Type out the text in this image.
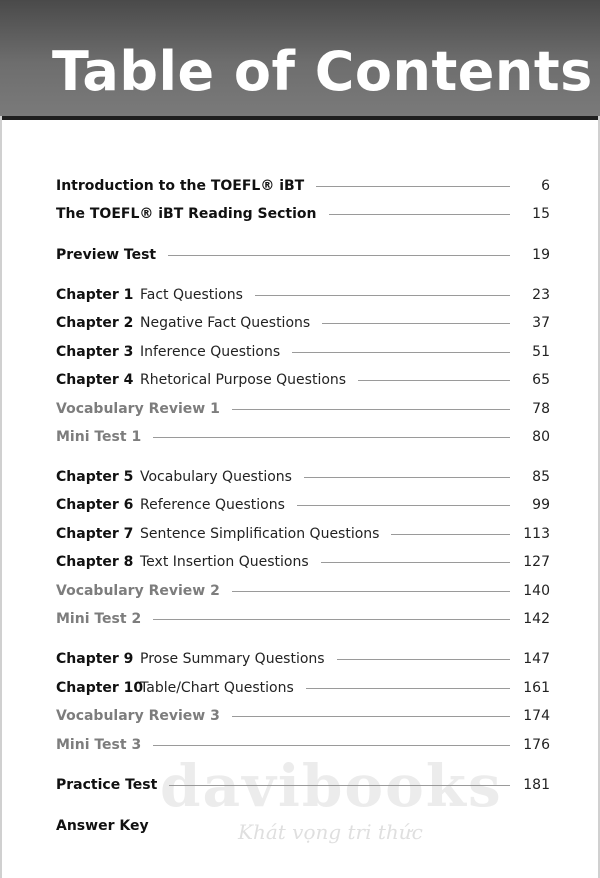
Table of Contents
Introduction to the TOEFL® iBT	6
The TOEFL® iBT Reading Section	15
Preview Test	19
Chapter 1 Fact Questions	23
Chapter 2 Negative Fact Questions	37
Chapter 3 Inference Questions	51
Chapter 4 Rhetorical Purpose Questions	65
Vocabulary Review 1	78
Mini Test 1	80
Chapter 5 Vocabulary Questions	85
Chapter 6 Reference Questions	99
Chapter 7 Sentence Simplification Questions	113
Chapter 8 Text Insertion Questions	127
Vocabulary Review 2	140
Mini Test 2	142
Chapter 9 Prose Summary Questions	147
Chapter 10Table/Chart Questions	161
Vocabulary Review 3	174
Mini Test 3	176
Practice Test	181
Answer Key
davibooks
Khát vọng tri thức
